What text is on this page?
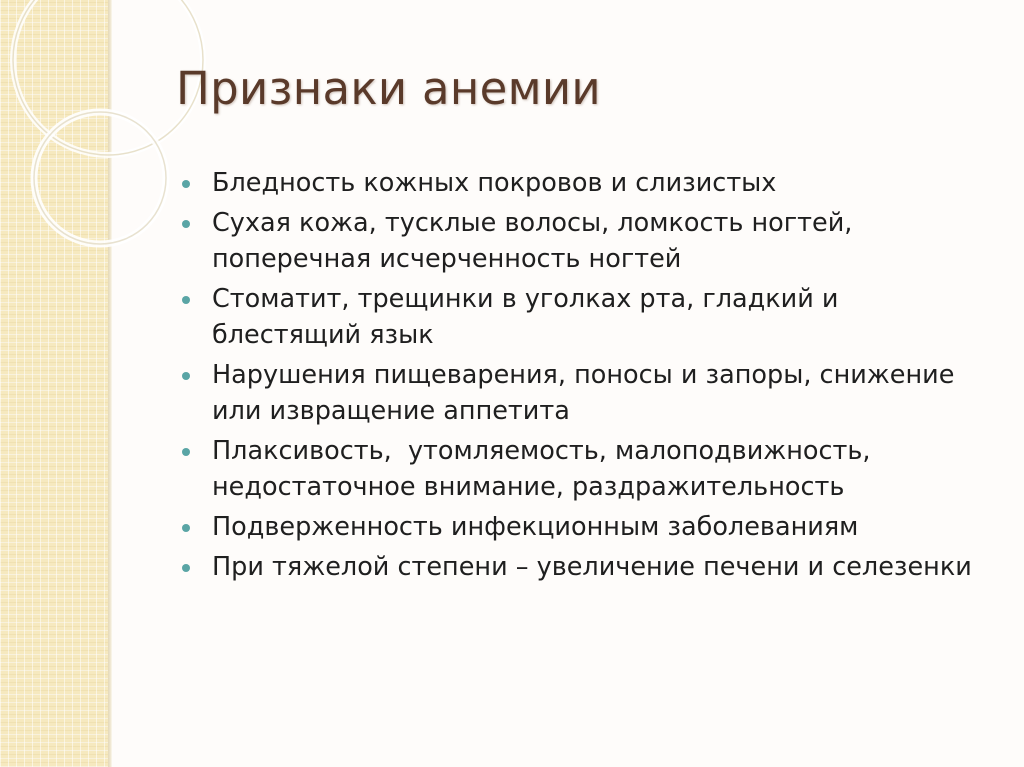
Признаки анемии
Бледность кожных покровов и слизистых
Сухая кожа, тусклые волосы, ломкость ногтей, поперечная исчерченность ногтей
Стоматит, трещинки в уголках рта, гладкий и блестящий язык
Нарушения пищеварения, поносы и запоры, снижение или извращение аппетита
Плаксивость,  утомляемость, малоподвижность, недостаточное внимание, раздражительность
Подверженность инфекционным заболеваниям
При тяжелой степени – увеличение печени и селезенки
